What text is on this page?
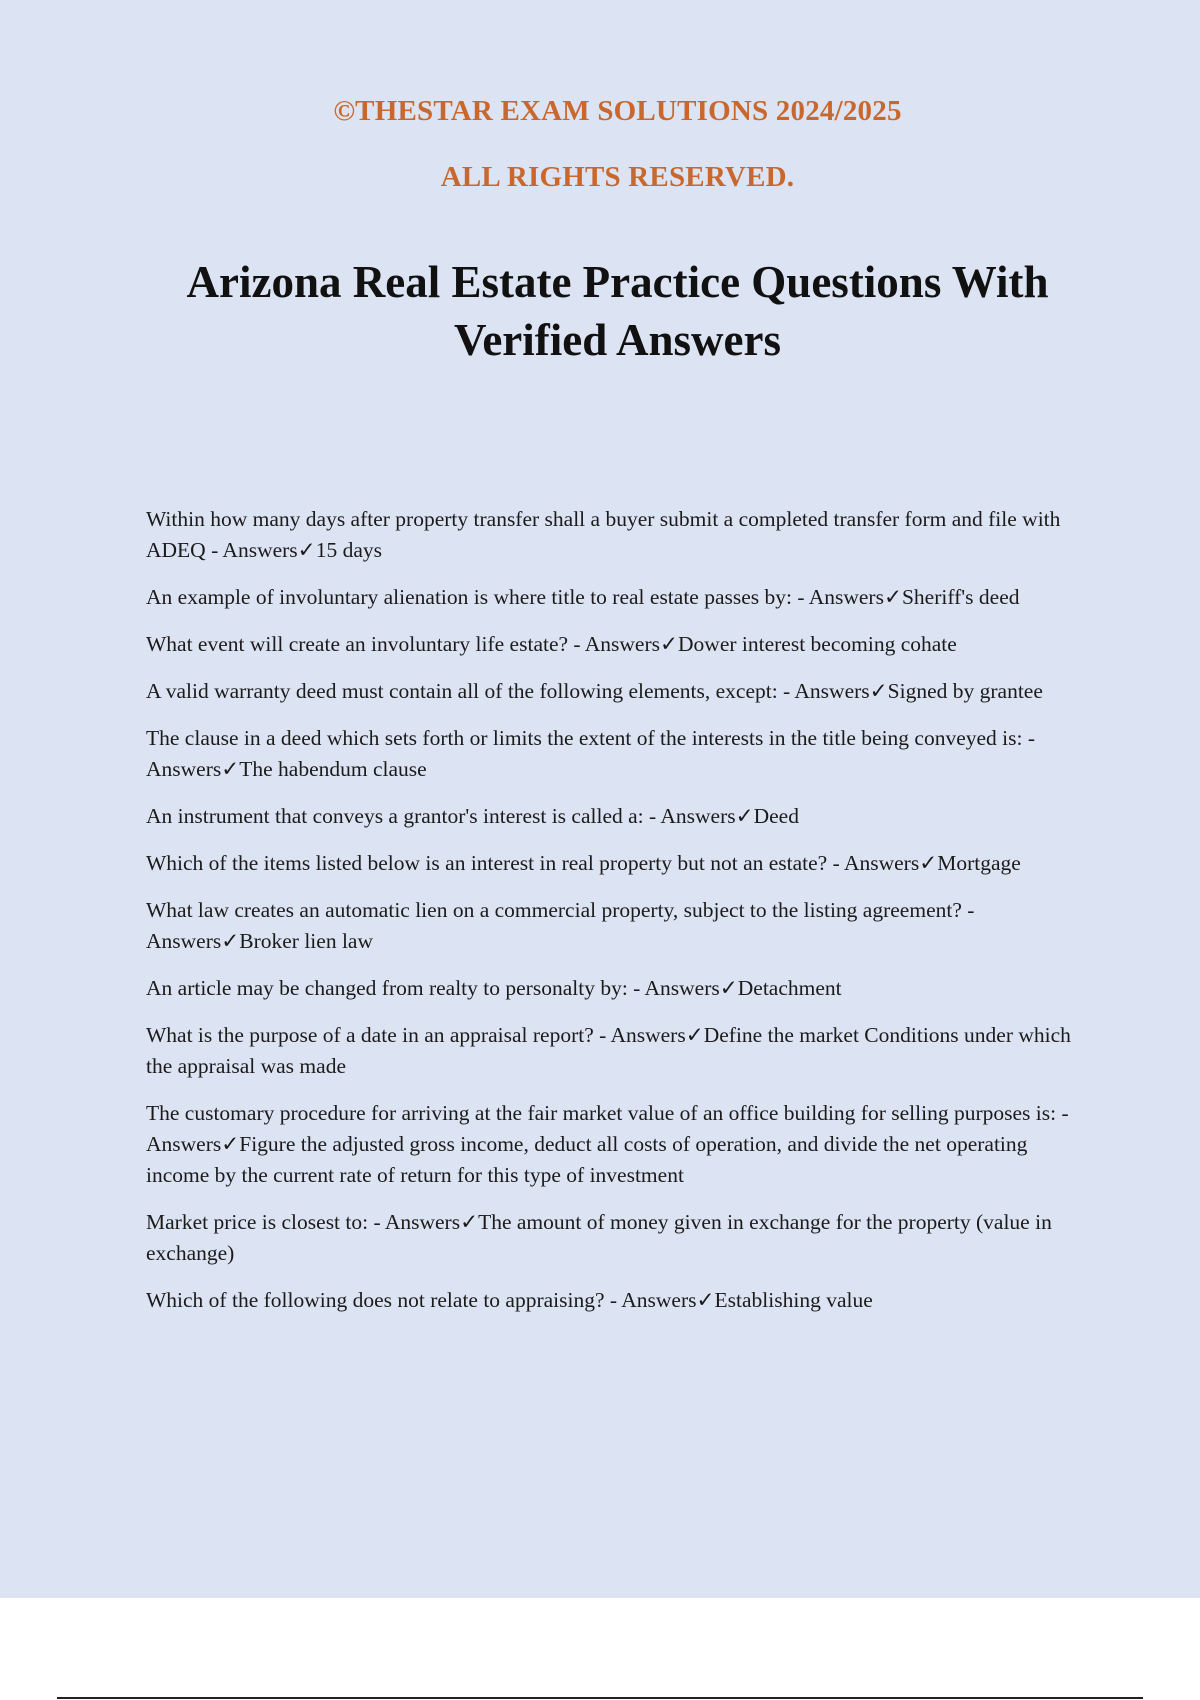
©THESTAR EXAM SOLUTIONS 2024/2025
ALL RIGHTS RESERVED.
Arizona Real Estate Practice Questions With Verified Answers
Within how many days after property transfer shall a buyer submit a completed transfer form and file with ADEQ - Answers✓15 days
An example of involuntary alienation is where title to real estate passes by: - Answers✓Sheriff's deed
What event will create an involuntary life estate? - Answers✓Dower interest becoming cohate
A valid warranty deed must contain all of the following elements, except: - Answers✓Signed by grantee
The clause in a deed which sets forth or limits the extent of the interests in the title being conveyed is: - Answers✓The habendum clause
An instrument that conveys a grantor's interest is called a: - Answers✓Deed
Which of the items listed below is an interest in real property but not an estate? - Answers✓Mortgage
What law creates an automatic lien on a commercial property, subject to the listing agreement? - Answers✓Broker lien law
An article may be changed from realty to personalty by: - Answers✓Detachment
What is the purpose of a date in an appraisal report? - Answers✓Define the market Conditions under which the appraisal was made
The customary procedure for arriving at the fair market value of an office building for selling purposes is: - Answers✓Figure the adjusted gross income, deduct all costs of operation, and divide the net operating income by the current rate of return for this type of investment
Market price is closest to: - Answers✓The amount of money given in exchange for the property (value in exchange)
Which of the following does not relate to appraising? - Answers✓Establishing value
